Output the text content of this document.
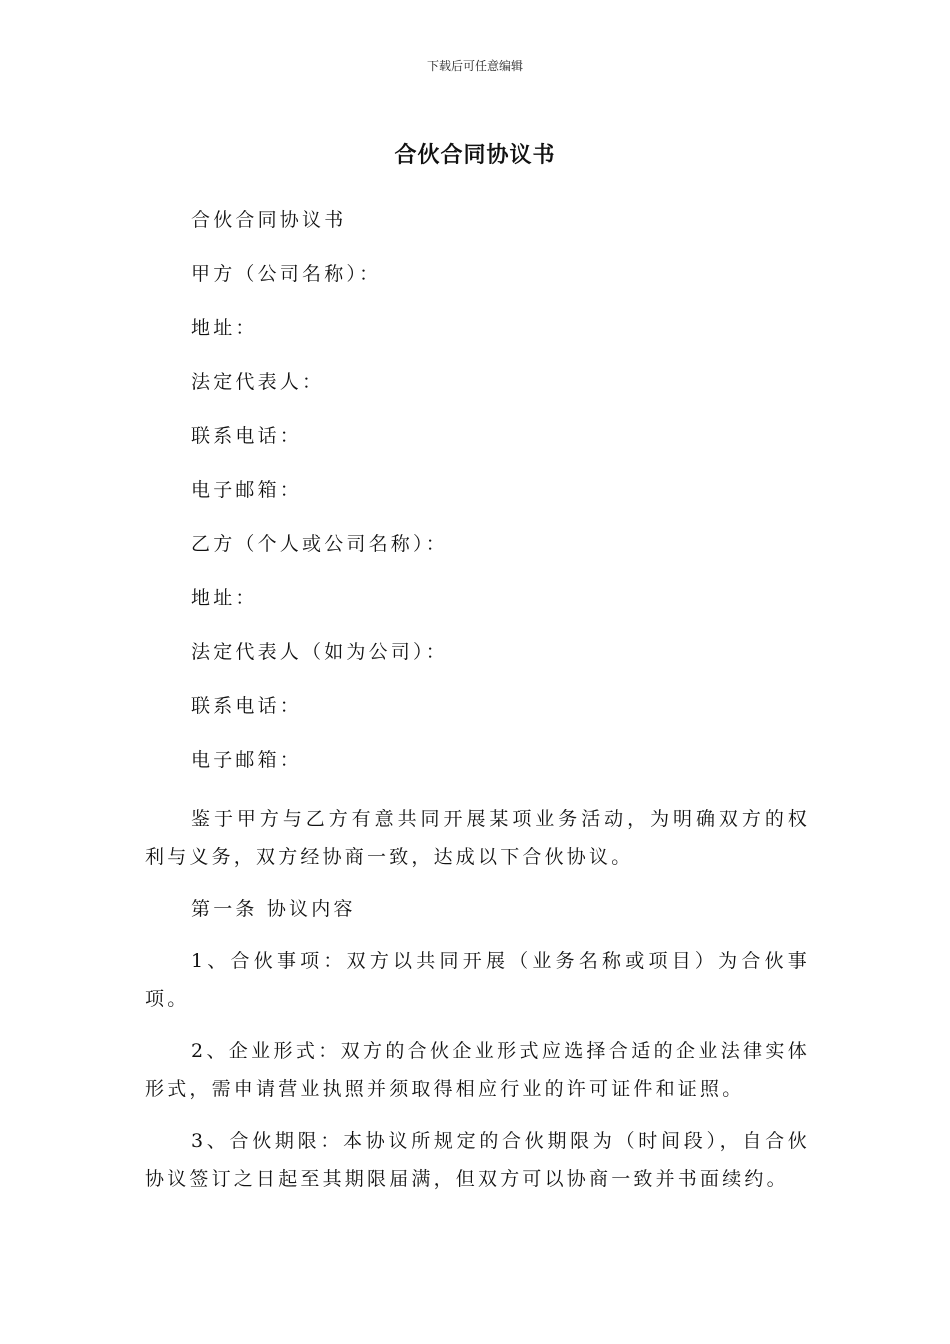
下载后可任意编辑
合伙合同协议书

合伙合同协议书

甲方（公司名称）：

地址：

法定代表人：

联系电话：

电子邮箱：

乙方（个人或公司名称）：

地址：

法定代表人（如为公司）：

联系电话：

电子邮箱：

鉴于甲方与乙方有意共同开展某项业务活动，为明确双方的权利与义务，双方经协商一致，达成以下合伙协议。

第一条 协议内容

1、合伙事项：双方以共同开展（业务名称或项目）为合伙事项。

2、企业形式：双方的合伙企业形式应选择合适的企业法律实体形式，需申请营业执照并须取得相应行业的许可证件和证照。

3、合伙期限：本协议所规定的合伙期限为（时间段），自合伙协议签订之日起至其期限届满，但双方可以协商一致并书面续约。
